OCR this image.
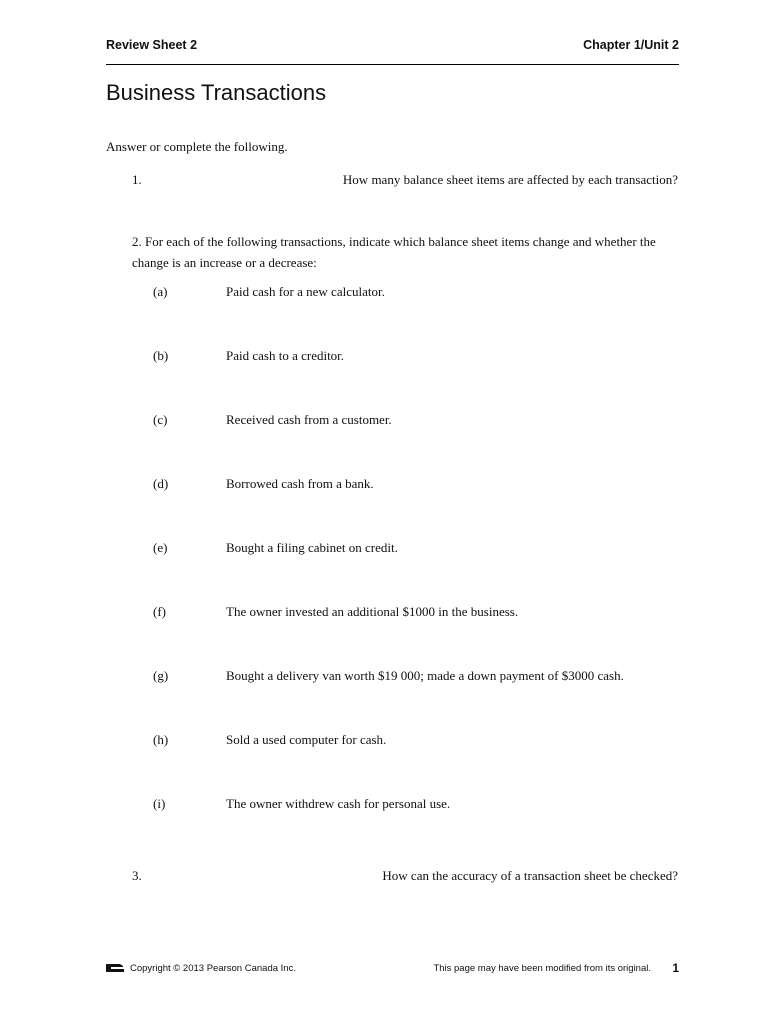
Review Sheet 2	Chapter 1/Unit 2
Business Transactions
Answer or complete the following.
1.	How many balance sheet items are affected by each transaction?
2. For each of the following transactions, indicate which balance sheet items change and whether the change is an increase or a decrease:
(a)	Paid cash for a new calculator.
(b)	Paid cash to a creditor.
(c)	Received cash from a customer.
(d)	Borrowed cash from a bank.
(e)	Bought a filing cabinet on credit.
(f)	The owner invested an additional $1000 in the business.
(g)	Bought a delivery van worth $19 000; made a down payment of $3000 cash.
(h)	Sold a used computer for cash.
(i)	The owner withdrew cash for personal use.
3.	How can the accuracy of a transaction sheet be checked?
Copyright © 2013 Pearson Canada Inc.	This page may have been modified from its original. 1
